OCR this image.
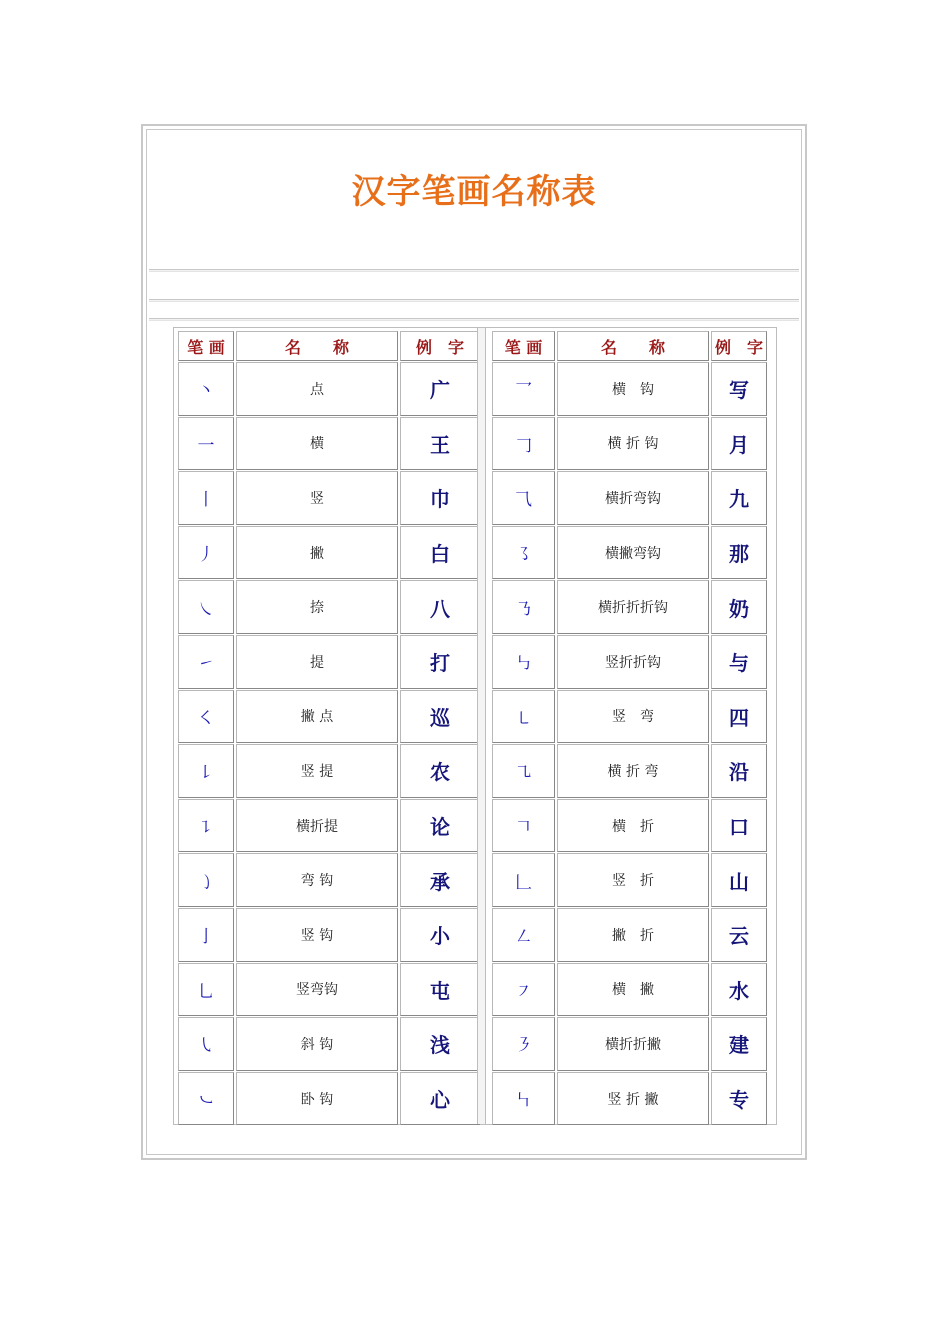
汉字笔画名称表
笔 画	名　　称	例　字
丶	点	广
一	横	王
丨	竖	巾
丿	撇	白
㇏	捺	八
㇀	提	打
㇛	撇 点	巡
㇙	竖 提	农
㇊	横折提	论
㇁	弯 钩	承
亅	竖 钩	小
乚	竖弯钩	屯
㇂	斜 钩	浅
㇃	卧 钩	心
笔 画	名　　称	例　字
乛	横　钩	写
𠃌	横 折 钩	月
⺄	横折弯钩	九
㇌	横撇弯钩	那
㇡	横折折折钩	奶
㇉	竖折折钩	与
㇄	竖　弯	四
㇈	横 折 弯	沿
𠃍	横　折	口
𠃊	竖　折	山
㇜	撇　折	云
㇇	横　撇	水
㇋	横折折撇	建
㇞	竖 折 撇	专
